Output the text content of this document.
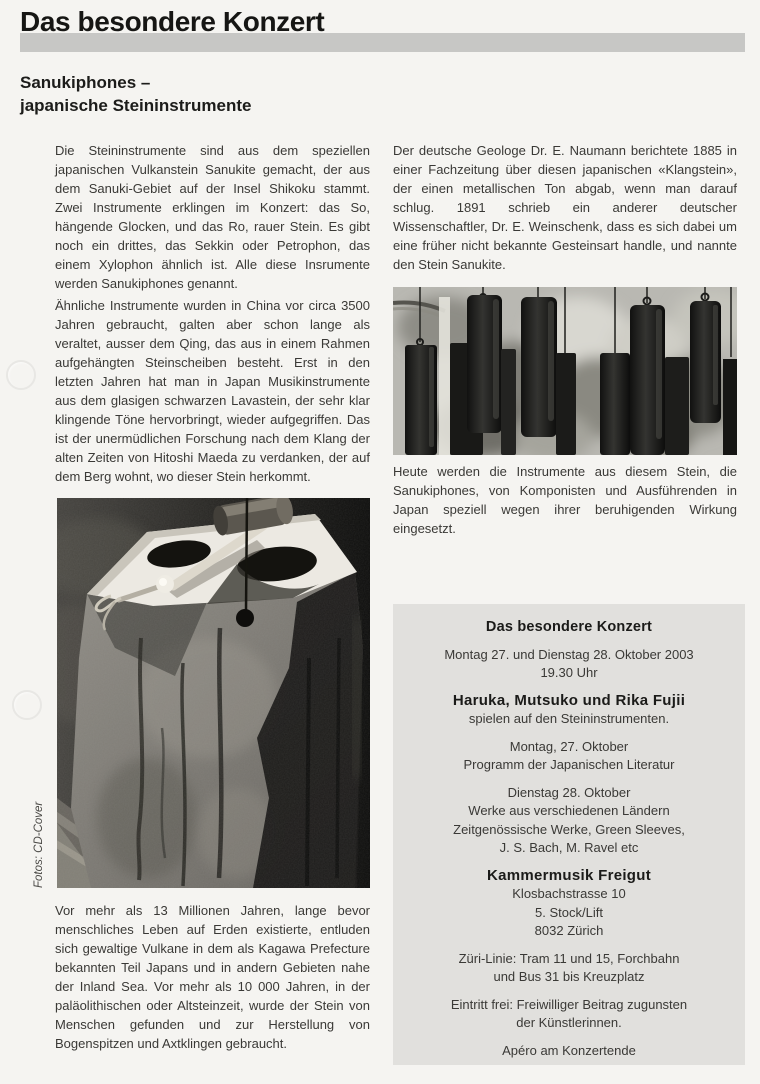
Das besondere Konzert
Sanukiphones –
japanische Steininstrumente

Die Steininstrumente sind aus dem speziellen japanischen Vulkanstein Sanukite gemacht, der aus dem Sanuki-Gebiet auf der Insel Shikoku stammt. Zwei Instrumente erklingen im Konzert: das So, hängende Glocken, und das Ro, rauer Stein. Es gibt noch ein drittes, das Sekkin oder Petrophon, das einem Xylophon ähnlich ist. Alle diese Insrumente werden Sanukiphones genannt.

Ähnliche Instrumente wurden in China vor circa 3500 Jahren gebraucht, galten aber schon lange als veraltet, ausser dem Qing, das aus in einem Rahmen aufgehängten Steinscheiben besteht. Erst in den letzten Jahren hat man in Japan Musikinstrumente aus dem glasigen schwarzen Lavastein, der sehr klar klingende Töne hervorbringt, wieder aufgegriffen. Das ist der unermüdlichen Forschung nach dem Klang der alten Zeiten von Hitoshi Maeda zu verdanken, der auf dem Berg wohnt, wo dieser Stein herkommt.

Fotos: CD-Cover

Vor mehr als 13 Millionen Jahren, lange bevor menschliches Leben auf Erden existierte, entluden sich gewaltige Vulkane in dem als Kagawa Prefecture bekannten Teil Japans und in andern Gebieten nahe der Inland Sea. Vor mehr als 10 000 Jahren, in der paläolithischen oder Altsteinzeit, wurde der Stein von Menschen gefunden und zur Herstellung von Bogenspitzen und Axtklingen gebraucht.

Der deutsche Geologe Dr. E. Naumann berichtete 1885 in einer Fachzeitung über diesen japanischen «Klangstein», der einen metallischen Ton abgab, wenn man darauf schlug. 1891 schrieb ein anderer deutscher Wissenschaftler, Dr. E. Weinschenk, dass es sich dabei um eine früher nicht bekannte Gesteinsart handle, und nannte den Stein Sanukite.

Heute werden die Instrumente aus diesem Stein, die Sanukiphones, von Komponisten und Ausführenden in Japan speziell wegen ihrer beruhigenden Wirkung eingesetzt.

Das besondere Konzert
Montag 27. und Dienstag 28. Oktober 2003
19.30 Uhr
Haruka, Mutsuko und Rika Fujii
spielen auf den Steininstrumenten.
Montag, 27. Oktober
Programm der Japanischen Literatur
Dienstag 28. Oktober
Werke aus verschiedenen Ländern
Zeitgenössische Werke, Green Sleeves,
J. S. Bach, M. Ravel etc
Kammermusik Freigut
Klosbachstrasse 10
5. Stock/Lift
8032 Zürich
Züri-Linie: Tram 11 und 15, Forchbahn
und Bus 31 bis Kreuzplatz
Eintritt frei: Freiwilliger Beitrag zugunsten
der Künstlerinnen.
Apéro am Konzertende
